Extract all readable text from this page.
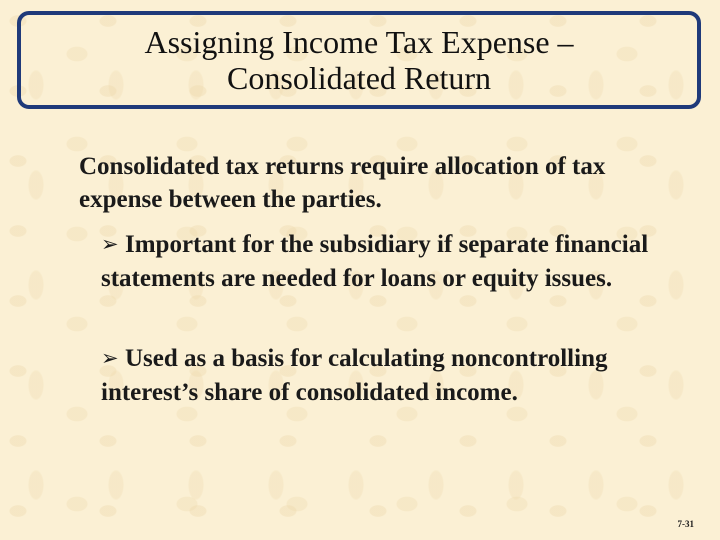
Assigning Income Tax Expense –
Consolidated Return
Consolidated tax returns require allocation of tax expense between the parties.
➢ Important for the subsidiary if separate financial statements are needed for loans or equity issues.
➢ Used as a basis for calculating noncontrolling interest’s share of consolidated income.
7-31
